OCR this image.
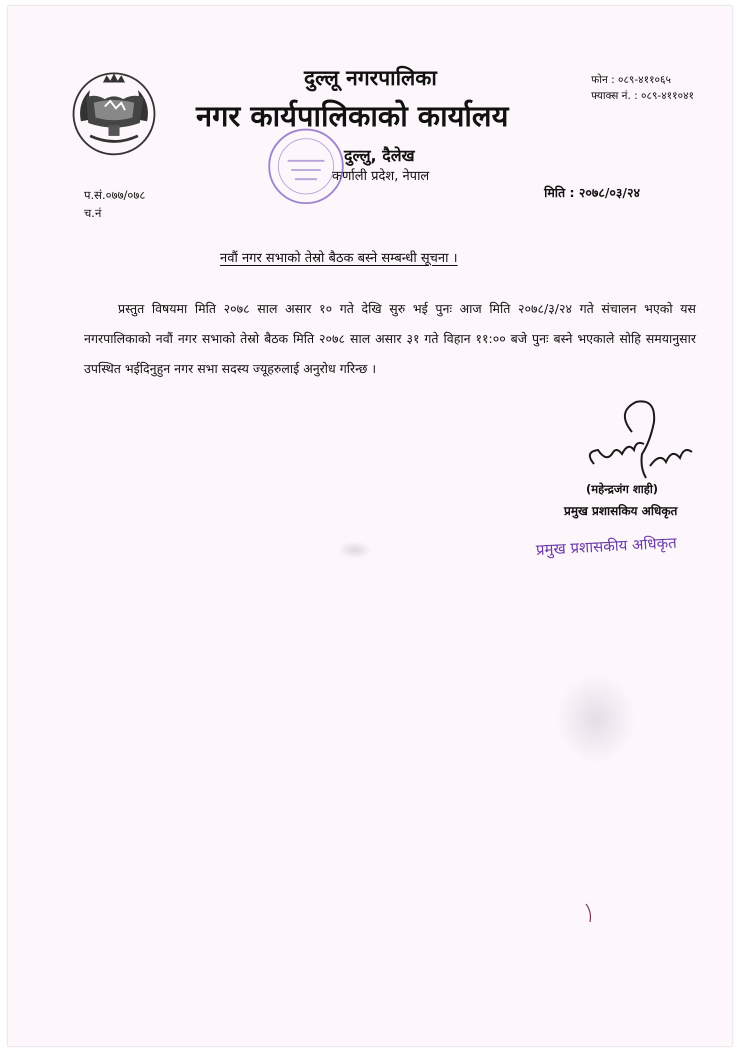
दुल्लू नगरपालिका
नगर कार्यपालिकाको कार्यालय
दुल्लु, दैलेख
कर्णाली प्रदेश, नेपाल
फोन : ०८९-४११०६५
फ्याक्स नं. : ०८९-४११०४१
प.सं.०७७/०७८
च.नं
मिति : २०७८/०३/२४
नवौं नगर सभाको तेस्रो बैठक बस्ने सम्बन्धी सूचना ।
प्रस्तुत विषयमा मिति २०७८ साल असार १० गते देखि सुरु भई पुनः आज मिति २०७८/३/२४ गते संचालन भएको यस नगरपालिकाको नवौं नगर सभाको तेस्रो बैठक मिति २०७८ साल असार ३१ गते विहान ११:०० बजे पुनः बस्ने भएकाले सोहि समयानुसार उपस्थित भईदिनुहुन नगर सभा सदस्य ज्यूहरुलाई अनुरोध गरिन्छ ।
(महेन्द्रजंग शाही)
प्रमुख प्रशासकिय अधिकृत
प्रमुख प्रशासकीय अधिकृत
